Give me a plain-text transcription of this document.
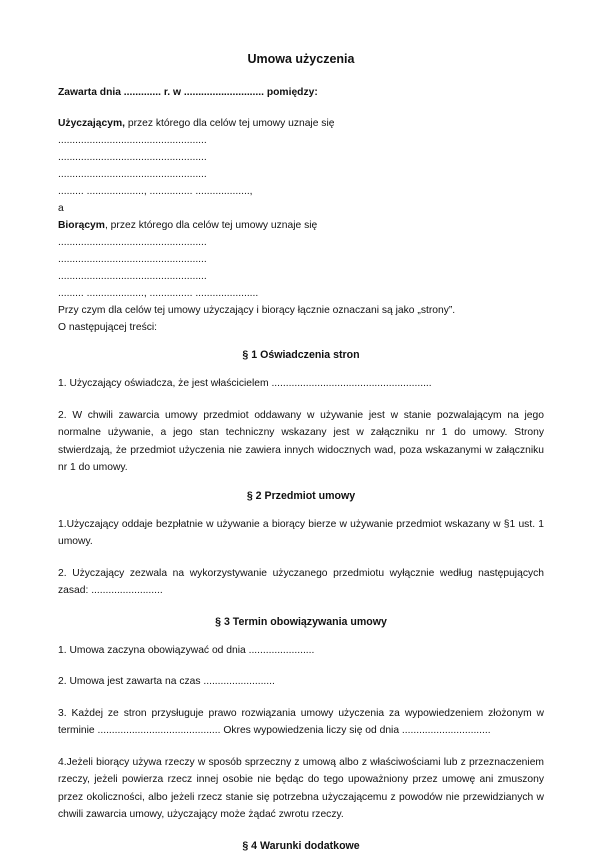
Umowa użyczenia
Zawarta dnia ............. r. w ............................ pomiędzy:
Użyczającym, przez którego dla celów tej umowy uznaje się
....................................................
....................................................
....................................................
......... ...................., ............... ...................,
a
Biorącym, przez którego dla celów tej umowy uznaje się
....................................................
....................................................
....................................................
......... ...................., ............... ......................
Przy czym dla celów tej umowy użyczający i biorący łącznie oznaczani są jako „strony”.
O następującej treści:
§ 1 Oświadczenia stron

1. Użyczający oświadcza, że jest właścicielem ........................................................

2. W chwili zawarcia umowy przedmiot oddawany w używanie jest w stanie pozwalającym na jego normalne używanie, a jego stan techniczny wskazany jest w załączniku nr 1 do umowy. Strony stwierdzają, że przedmiot użyczenia nie zawiera innych widocznych wad, poza wskazanymi w załączniku nr 1 do umowy.

§ 2 Przedmiot umowy

1.Użyczający oddaje bezpłatnie w używanie a biorący bierze w używanie przedmiot wskazany w §1 ust. 1 umowy.

2. Użyczający zezwala na wykorzystywanie użyczanego przedmiotu wyłącznie według następujących zasad: .........................

§ 3 Termin obowiązywania umowy

1. Umowa zaczyna obowiązywać od dnia .......................

2. Umowa jest zawarta na czas .........................

3. Każdej ze stron przysługuje prawo rozwiązania umowy użyczenia za wypowiedzeniem złożonym w terminie ........................................... Okres wypowiedzenia liczy się od dnia ...............................

4.Jeżeli biorący używa rzeczy w sposób sprzeczny z umową albo z właściwościami lub z przeznaczeniem rzeczy, jeżeli powierza rzecz innej osobie nie będąc do tego upoważniony przez umowę ani zmuszony przez okoliczności, albo jeżeli rzecz stanie się potrzebna użyczającemu z powodów nie przewidzianych w chwili zawarcia umowy, użyczający może żądać zwrotu rzeczy.

§ 4 Warunki dodatkowe
